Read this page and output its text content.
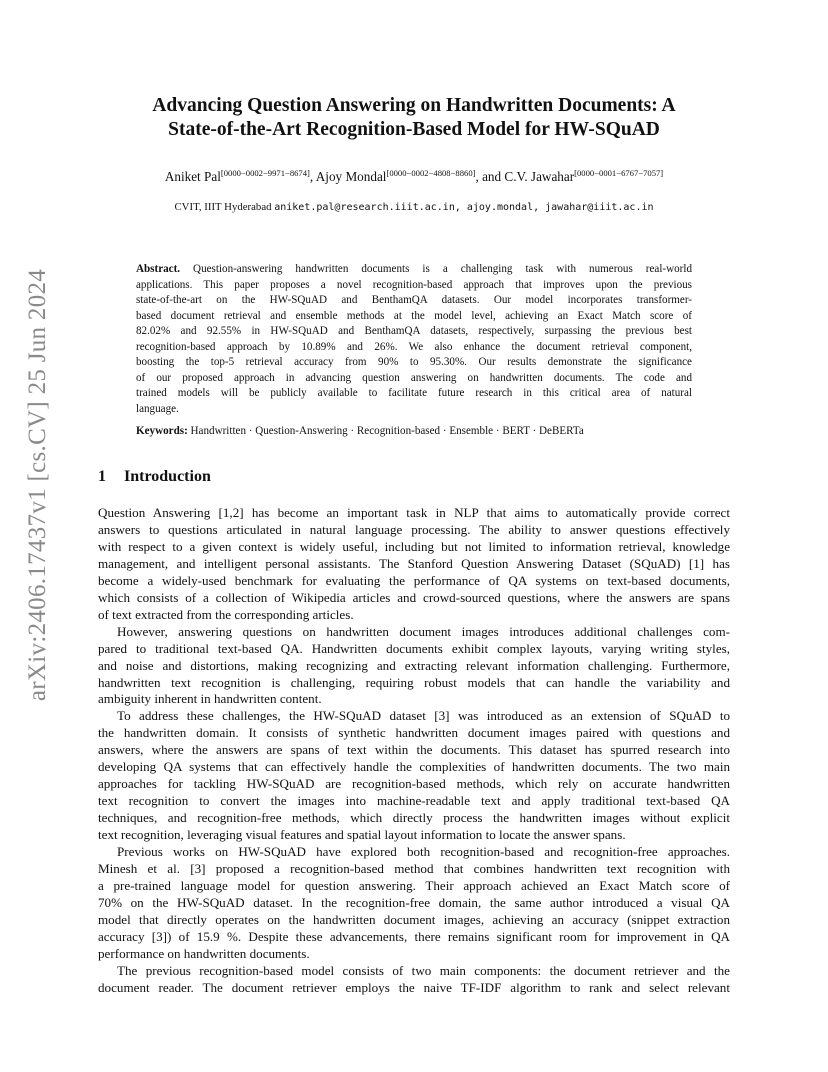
arXiv:2406.17437v1 [cs.CV] 25 Jun 2024
Advancing Question Answering on Handwritten Documents: A
State-of-the-Art Recognition-Based Model for HW-SQuAD
Aniket Pal[0000−0002−9971−8674], Ajoy Mondal[0000−0002−4808−8860], and C.V. Jawahar[0000−0001−6767−7057]
CVIT, IIIT Hyderabad aniket.pal@research.iiit.ac.in, ajoy.mondal, jawahar@iiit.ac.in
Abstract. Question-answering handwritten documents is a challenging task with numerous real-world
applications. This paper proposes a novel recognition-based approach that improves upon the previous
state-of-the-art on the HW-SQuAD and BenthamQA datasets. Our model incorporates transformer-
based document retrieval and ensemble methods at the model level, achieving an Exact Match score of
82.02% and 92.55% in HW-SQuAD and BenthamQA datasets, respectively, surpassing the previous best
recognition-based approach by 10.89% and 26%. We also enhance the document retrieval component,
boosting the top-5 retrieval accuracy from 90% to 95.30%. Our results demonstrate the significance
of our proposed approach in advancing question answering on handwritten documents. The code and
trained models will be publicly available to facilitate future research in this critical area of natural
language.
Keywords: Handwritten · Question-Answering · Recognition-based · Ensemble · BERT · DeBERTa
1 Introduction
Question Answering [1,2] has become an important task in NLP that aims to automatically provide correct
answers to questions articulated in natural language processing. The ability to answer questions effectively
with respect to a given context is widely useful, including but not limited to information retrieval, knowledge
management, and intelligent personal assistants. The Stanford Question Answering Dataset (SQuAD) [1] has
become a widely-used benchmark for evaluating the performance of QA systems on text-based documents,
which consists of a collection of Wikipedia articles and crowd-sourced questions, where the answers are spans
of text extracted from the corresponding articles.
However, answering questions on handwritten document images introduces additional challenges com-
pared to traditional text-based QA. Handwritten documents exhibit complex layouts, varying writing styles,
and noise and distortions, making recognizing and extracting relevant information challenging. Furthermore,
handwritten text recognition is challenging, requiring robust models that can handle the variability and
ambiguity inherent in handwritten content.
To address these challenges, the HW-SQuAD dataset [3] was introduced as an extension of SQuAD to
the handwritten domain. It consists of synthetic handwritten document images paired with questions and
answers, where the answers are spans of text within the documents. This dataset has spurred research into
developing QA systems that can effectively handle the complexities of handwritten documents. The two main
approaches for tackling HW-SQuAD are recognition-based methods, which rely on accurate handwritten
text recognition to convert the images into machine-readable text and apply traditional text-based QA
techniques, and recognition-free methods, which directly process the handwritten images without explicit
text recognition, leveraging visual features and spatial layout information to locate the answer spans.
Previous works on HW-SQuAD have explored both recognition-based and recognition-free approaches.
Minesh et al. [3] proposed a recognition-based method that combines handwritten text recognition with
a pre-trained language model for question answering. Their approach achieved an Exact Match score of
70% on the HW-SQuAD dataset. In the recognition-free domain, the same author introduced a visual QA
model that directly operates on the handwritten document images, achieving an accuracy (snippet extraction
accuracy [3]) of 15.9 %. Despite these advancements, there remains significant room for improvement in QA
performance on handwritten documents.
The previous recognition-based model consists of two main components: the document retriever and the
document reader. The document retriever employs the naive TF-IDF algorithm to rank and select relevant
